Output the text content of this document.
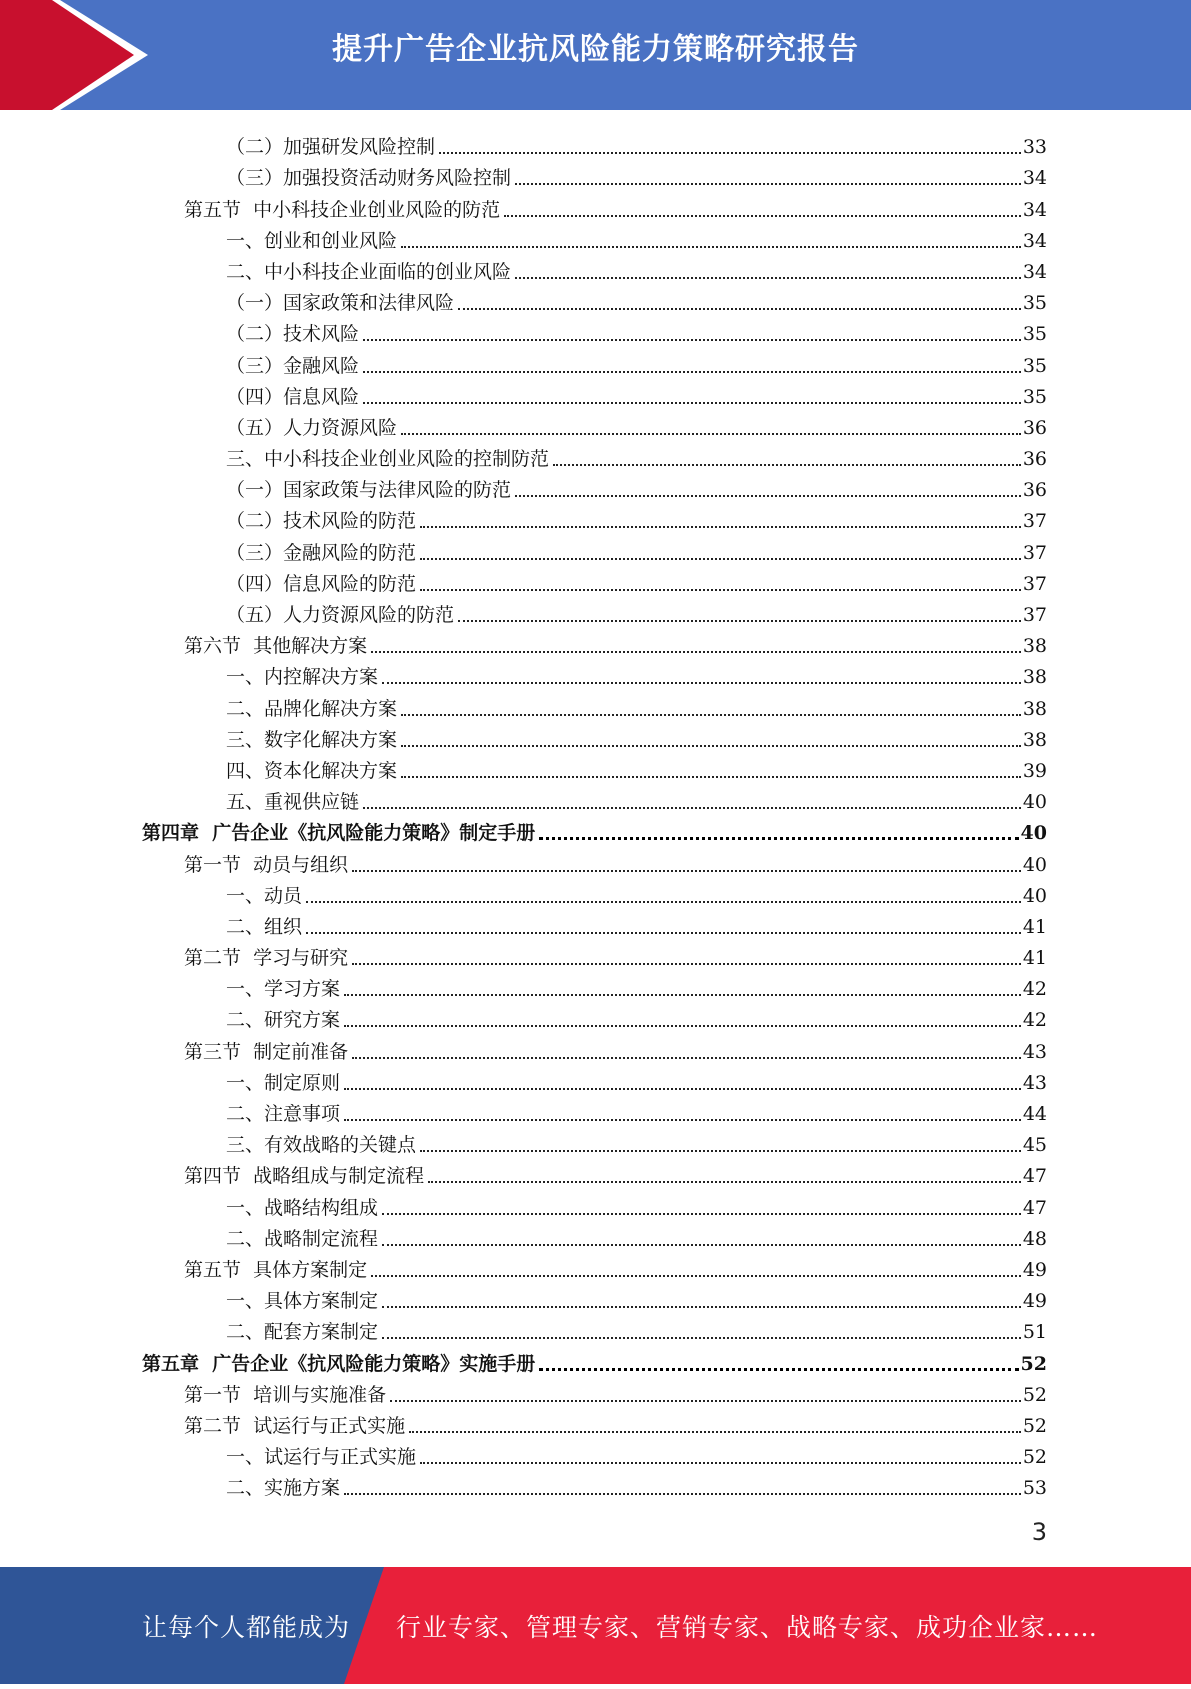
提升广告企业抗风险能力策略研究报告
（二）加强研发风险控制	33
（三）加强投资活动财务风险控制	34
第五节  中小科技企业创业风险的防范	34
一、创业和创业风险	34
二、中小科技企业面临的创业风险	34
（一）国家政策和法律风险	35
（二）技术风险	35
（三）金融风险	35
（四）信息风险	35
（五）人力资源风险	36
三、中小科技企业创业风险的控制防范	36
（一）国家政策与法律风险的防范	36
（二）技术风险的防范	37
（三）金融风险的防范	37
（四）信息风险的防范	37
（五）人力资源风险的防范	37
第六节  其他解决方案	38
一、内控解决方案	38
二、品牌化解决方案	38
三、数字化解决方案	38
四、资本化解决方案	39
五、重视供应链	40
第四章  广告企业《抗风险能力策略》制定手册	40
第一节  动员与组织	40
一、动员	40
二、组织	41
第二节  学习与研究	41
一、学习方案	42
二、研究方案	42
第三节  制定前准备	43
一、制定原则	43
二、注意事项	44
三、有效战略的关键点	45
第四节  战略组成与制定流程	47
一、战略结构组成	47
二、战略制定流程	48
第五节  具体方案制定	49
一、具体方案制定	49
二、配套方案制定	51
第五章  广告企业《抗风险能力策略》实施手册	52
第一节  培训与实施准备	52
第二节  试运行与正式实施	52
一、试运行与正式实施	52
二、实施方案	53
3
让每个人都能成为 行业专家、管理专家、营销专家、战略专家、成功企业家……
